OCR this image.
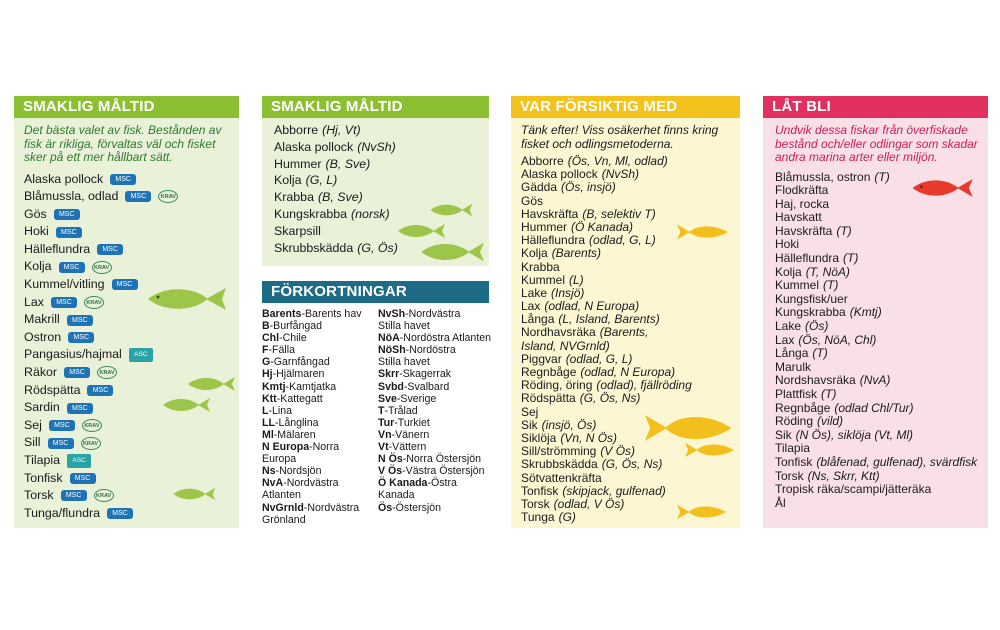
SMAKLIG MÅLTID

Det bästa valet av fisk. Bestånden av fisk är rikliga, förvaltas väl och fisket sker på ett mer hållbart sätt.

Alaska pollock	MSC
Blåmussla, odlad	MSC	KRAV
Gös	MSC
Hoki	MSC
Hälleflundra	MSC
Kolja	MSC	KRAV
Kummel/vitling	MSC
Lax	MSC	KRAV
Makrill	MSC
Ostron	MSC
Pangasius/hajmal	ASC
Räkor	MSC	KRAV
Rödspätta	MSC
Sardin	MSC
Sej	MSC	KRAV
Sill	MSC	KRAV
Tilapia	ASC
Tonfisk	MSC
Torsk	MSC	KRAV
Tunga/flundra	MSC
SMAKLIG MÅLTID
Abborre (Hj, Vt)
Alaska pollock (NvSh)
Hummer (B, Sve)
Kolja (G, L)
Krabba (B, Sve)
Kungskrabba (norsk)
Skarpsill
Skrubbskädda (G, Ös)
FÖRKORTNINGAR
Barents-Barents hav
B-Burfångad
Chl-Chile
F-Fälla
G-Garnfångad
Hj-Hjälmaren
Kmtj-Kamtjatka
Ktt-Kattegatt
L-Lina
LL-Långlina
Ml-Mälaren
N Europa-Norra
Europa
Ns-Nordsjön
NvA-Nordvästra
Atlanten
NvGrnld-Nordvästra
Grönland
NvSh-Nordvästra
Stilla havet
NöA-Nordöstra Atlanten
NöSh-Nordöstra
Stilla havet
Skrr-Skagerrak
Svbd-Svalbard
Sve-Sverige
T-Trålad
Tur-Turkiet
Vn-Vänern
Vt-Vättern
N Ös-Norra Östersjön
V Ös-Västra Östersjön
Ö Kanada-Östra
Kanada
Ös-Östersjön
VAR FÖRSIKTIG MED

Tänk efter! Viss osäkerhet finns kring fisket och odlingsmetoderna.

Abborre (Ös, Vn, Ml, odlad)
Alaska pollock (NvSh)
Gädda (Ös, insjö)
Gös
Havskräfta (B, selektiv T)
Hummer (Ö Kanada)
Hälleflundra (odlad, G, L)
Kolja (Barents)
Krabba
Kummel (L)
Lake (Insjö)
Lax (odlad, N Europa)
Långa (L, Island, Barents)
Nordhavsräka (Barents,
Island, NVGrnld)
Piggvar (odlad, G, L)
Regnbåge (odlad, N Europa)
Röding, öring (odlad), fjällröding
Rödspätta (G, Ös, Ns)
Sej
Sik (insjö, Ös)
Siklöja (Vn, N Ös)
Sill/strömming (V Ös)
Skrubbskädda (G, Ös, Ns)
Sötvattenkräfta
Tonfisk (skipjack, gulfenad)
Torsk (odlad, V Ös)
Tunga (G)
LÅT BLI

Undvik dessa fiskar från överfiskade bestånd och/eller odlingar som skadar andra marina arter eller miljön.

Blåmussla, ostron (T)
Flodkräfta
Haj, rocka
Havskatt
Havskräfta (T)
Hoki
Hälleflundra (T)
Kolja (T, NöA)
Kummel (T)
Kungsfisk/uer
Kungskrabba (Kmtj)
Lake (Ös)
Lax (Ös, NöA, Chl)
Långa (T)
Marulk
Nordshavsräka (NvA)
Plattfisk (T)
Regnbåge (odlad Chl/Tur)
Röding (vild)
Sik (N Ös), siklöja (Vt, Ml)
Tilapia
Tonfisk (blåfenad, gulfenad), svärdfisk
Torsk (Ns, Skrr, Ktt)
Tropisk räka/scampi/jätteräka
Ål
